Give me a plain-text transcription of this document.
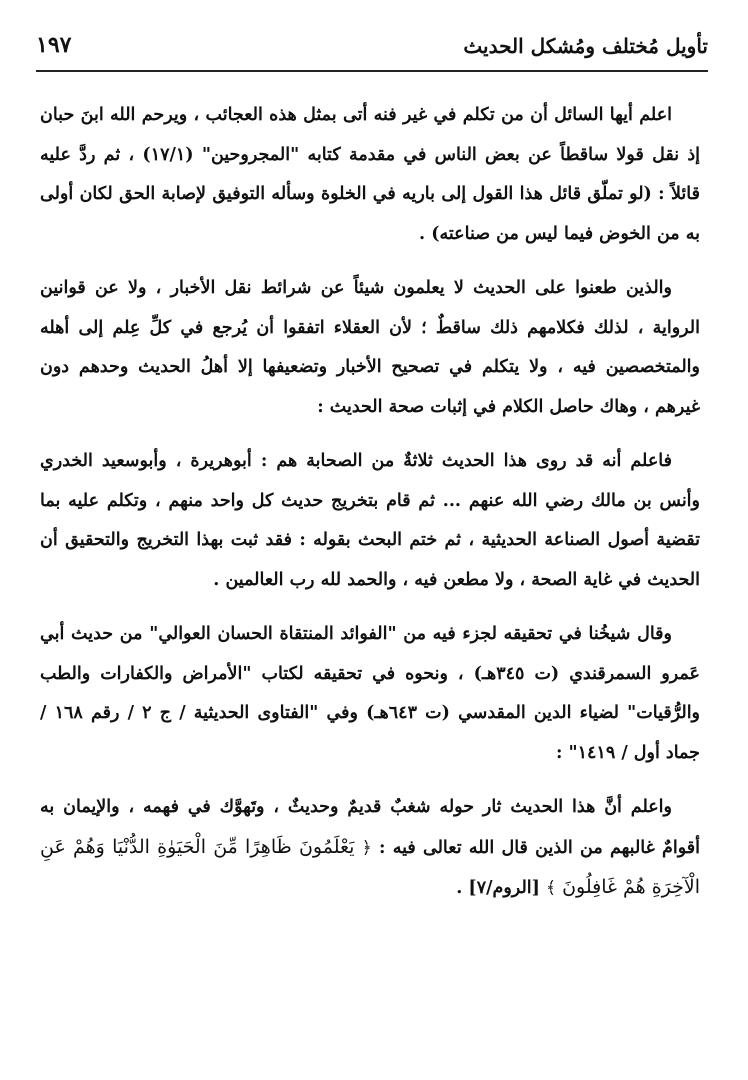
تأويل مُختلف ومُشكل الحديث
١٩٧

اعلم أيها السائل أن من تكلم في غير فنه أتى بمثل هذه العجائب ، ويرحم الله ابنَ حبان إذ نقل قولا ساقطاً عن بعض الناس في مقدمة كتابه "المجروحين" (١٧/١) ، ثم ردَّ عليه قائلاً : (لو تملّق قائل هذا القول إلى باريه في الخلوة وسأله التوفيق لإصابة الحق لكان أولى به من الخوض فيما ليس من صناعته) .

والذين طعنوا على الحديث لا يعلمون شيئاً عن شرائط نقل الأخبار ، ولا عن قوانين الرواية ، لذلك فكلامهم ذلك ساقطٌ ؛ لأن العقلاء اتفقوا أن يُرجع في كلِّ عِلم إلى أهله والمتخصصين فيه ، ولا يتكلم في تصحيح الأخبار وتضعيفها إلا أهلُ الحديث وحدهم دون غيرهم ، وهاك حاصل الكلام في إثبات صحة الحديث :

فاعلم أنه قد روى هذا الحديث ثلاثةٌ من الصحابة هم : أبوهريرة ، وأبوسعيد الخدري وأنس بن مالك رضي الله عنهم ... ثم قام بتخريج حديث كل واحد منهم ، وتكلم عليه بما تقضية أصول الصناعة الحديثية ، ثم ختم البحث بقوله : فقد ثبت بهذا التخريج والتحقيق أن الحديث في غاية الصحة ، ولا مطعن فيه ، والحمد لله رب العالمين .

وقال شيخُنا في تحقيقه لجزء فيه من "الفوائد المنتقاة الحسان العوالي" من حديث أبي عَمرو السمرقندي (ت ٣٤٥هـ) ، ونحوه في تحقيقه لكتاب "الأمراض والكفارات والطب والرُّقيات" لضياء الدين المقدسي (ت ٦٤٣هـ) وفي "الفتاوى الحديثية / ج ٢ / رقم ١٦٨ / جماد أول / ١٤١٩" :

واعلم أنَّ هذا الحديث ثار حوله شغبٌ قديمٌ وحديثٌ ، وتَهوَّك في فهمه ، والإيمان به أقوامٌ غالبهم من الذين قال الله تعالى فيه : ﴿ يَعْلَمُونَ ظَاهِرًا مِّنَ الْحَيَوٰةِ الدُّنْيَا وَهُمْ عَنِ الْآخِرَةِ هُمْ غَافِلُونَ ﴾ [الروم/٧] .
